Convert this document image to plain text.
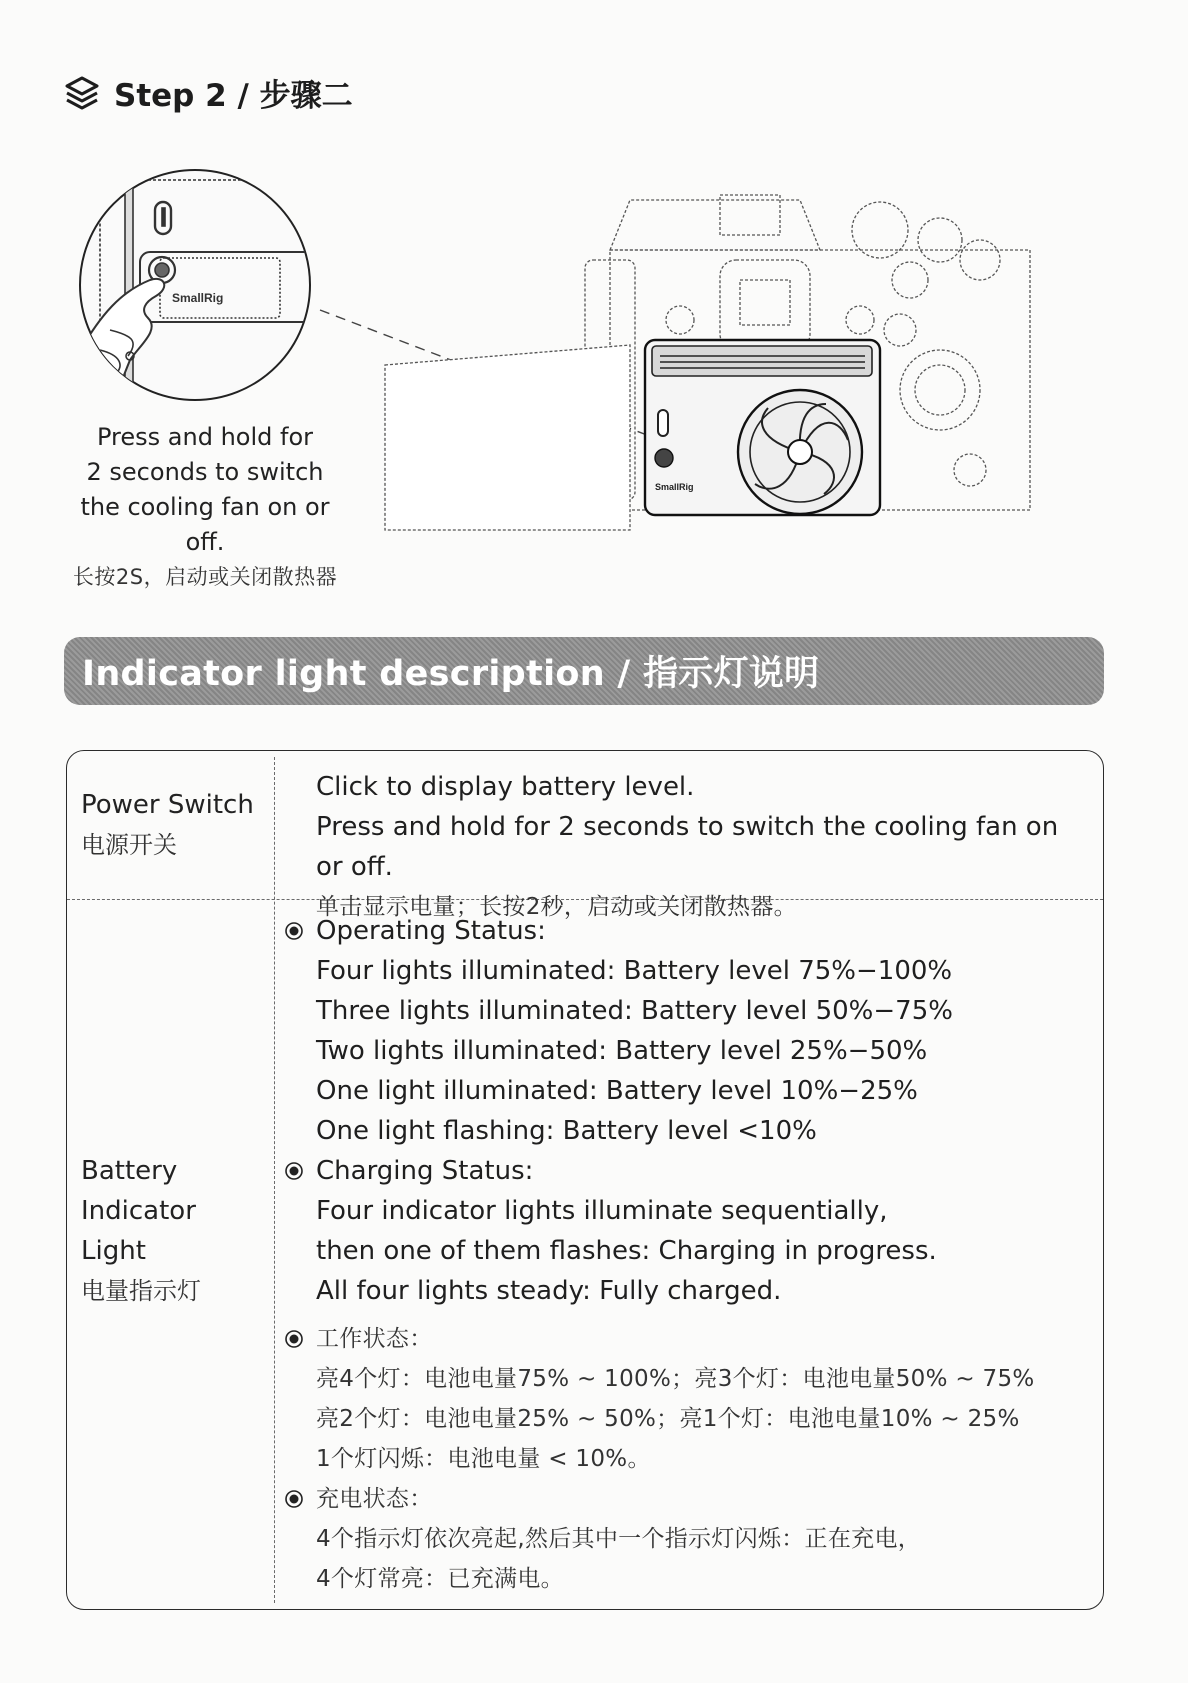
Step 2 / 步骤二
SmallRig
SmallRig
Press and hold for
2 seconds to switch
the cooling fan on or off.
长按2S，启动或关闭散热器
Indicator light description / 指示灯说明
Power Switch
电源开关
Click to display battery level.
Press and hold for 2 seconds to switch the cooling fan on or off.
单击显示电量；长按2秒，启动或关闭散热器。
Battery
Indicator
Light
电量指示灯
Operating Status:
Four lights illuminated: Battery level 75%−100%
Three lights illuminated: Battery level 50%−75%
Two lights illuminated: Battery level 25%−50%
One light illuminated: Battery level 10%−25%
One light flashing: Battery level <10%
Charging Status:
Four indicator lights illuminate sequentially,
then one of them flashes: Charging in progress.
All four lights steady: Fully charged.
工作状态：
亮4个灯：电池电量75% ~ 100%；亮3个灯：电池电量50% ~ 75%
亮2个灯：电池电量25% ~ 50%；亮1个灯：电池电量10% ~ 25%
1个灯闪烁：电池电量 < 10%。
充电状态：
4个指示灯依次亮起,然后其中一个指示灯闪烁：正在充电，
4个灯常亮：已充满电。
